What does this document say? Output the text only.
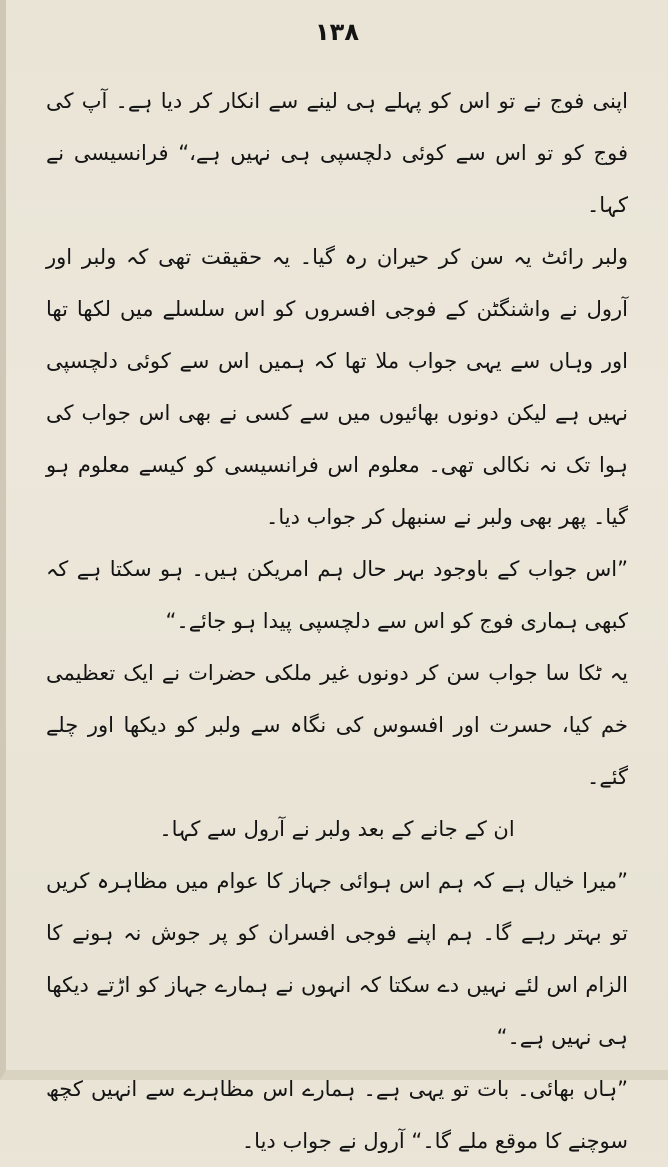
۱۳۸

اپنی فوج نے تو اس کو پہلے ہی لینے سے انکار کر دیا ہے۔ آپ کی فوج کو تو اس سے کوئی دلچسپی ہی نہیں ہے،“ فرانسیسی نے کہا۔

ولبر رائٹ یہ سن کر حیران رہ گیا۔ یہ حقیقت تھی کہ ولبر اور آرول نے واشنگٹن کے فوجی افسروں کو اس سلسلے میں لکھا تھا اور وہاں سے یہی جواب ملا تھا کہ ہمیں اس سے کوئی دلچسپی نہیں ہے لیکن دونوں بھائیوں میں سے کسی نے بھی اس جواب کی ہوا تک نہ نکالی تھی۔ معلوم اس فرانسیسی کو کیسے معلوم ہو گیا۔ پھر بھی ولبر نے سنبھل کر جواب دیا۔

”اس جواب کے باوجود بہر حال ہم امریکن ہیں۔ ہو سکتا ہے کہ کبھی ہماری فوج کو اس سے دلچسپی پیدا ہو جائے۔“

یہ ٹکا سا جواب سن کر دونوں غیر ملکی حضرات نے ایک تعظیمی خم کیا، حسرت اور افسوس کی نگاہ سے ولبر کو دیکھا اور چلے گئے۔

ان کے جانے کے بعد ولبر نے آرول سے کہا۔

”میرا خیال ہے کہ ہم اس ہوائی جہاز کا عوام میں مظاہرہ کریں تو بہتر رہے گا۔ ہم اپنے فوجی افسران کو پر جوش نہ ہونے کا الزام اس لئے نہیں دے سکتا کہ انہوں نے ہمارے جہاز کو اڑتے دیکھا ہی نہیں ہے۔“

”ہاں بھائی۔ بات تو یہی ہے۔ ہمارے اس مظاہرے سے انہیں کچھ سوچنے کا موقع ملے گا۔“ آرول نے جواب دیا۔
